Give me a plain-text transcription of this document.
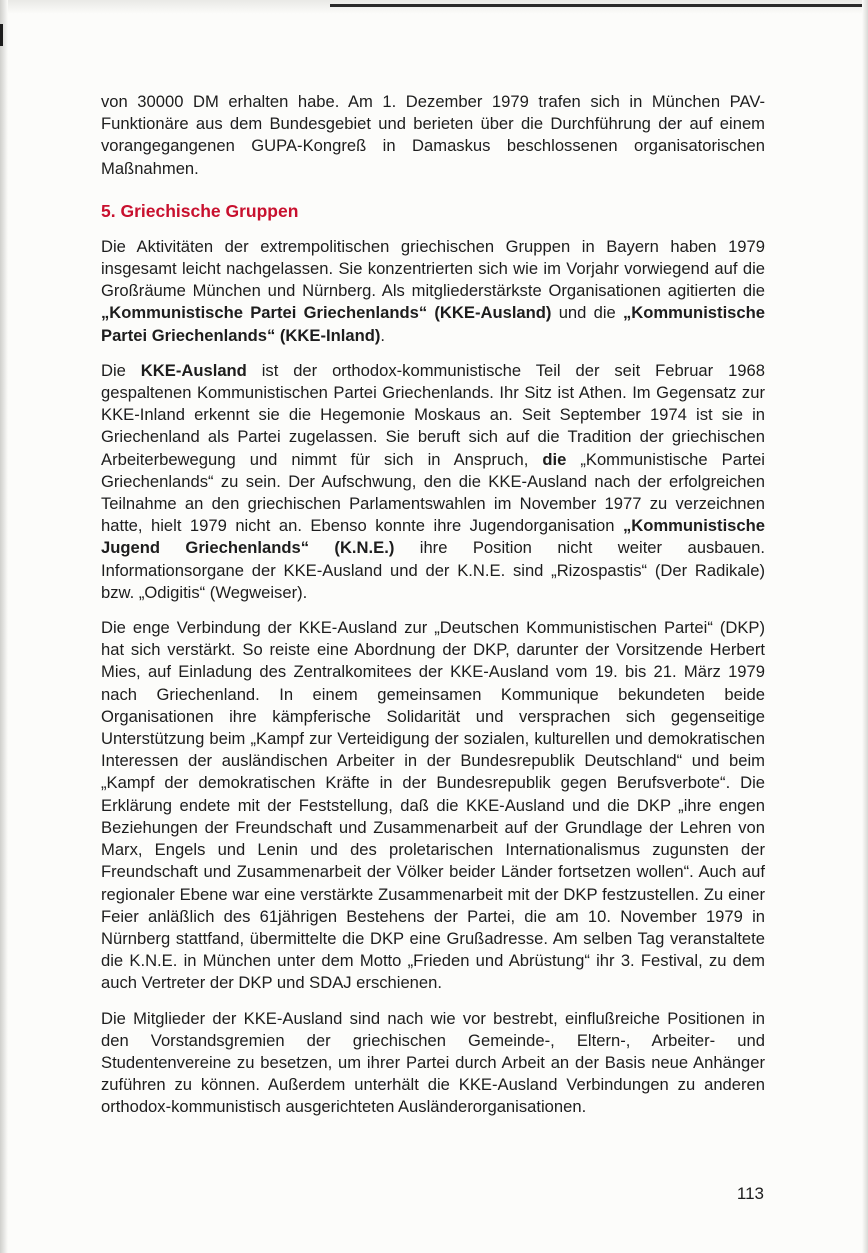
von 30000 DM erhalten habe. Am 1. Dezember 1979 trafen sich in München PAV-Funktionäre aus dem Bundesgebiet und berieten über die Durchführung der auf einem vorangegangenen GUPA-Kongreß in Damaskus beschlossenen organisatorischen Maßnahmen.

5. Griechische Gruppen

Die Aktivitäten der extrempolitischen griechischen Gruppen in Bayern haben 1979 insgesamt leicht nachgelassen. Sie konzentrierten sich wie im Vorjahr vorwiegend auf die Großräume München und Nürnberg. Als mitgliederstärkste Organisationen agitierten die „Kommunistische Partei Griechenlands“ (KKE-Ausland) und die „Kommunistische Partei Griechenlands“ (KKE-Inland).

Die KKE-Ausland ist der orthodox-kommunistische Teil der seit Februar 1968 gespaltenen Kommunistischen Partei Griechenlands. Ihr Sitz ist Athen. Im Gegensatz zur KKE-Inland erkennt sie die Hegemonie Moskaus an. Seit September 1974 ist sie in Griechenland als Partei zugelassen. Sie beruft sich auf die Tradition der griechischen Arbeiterbewegung und nimmt für sich in Anspruch, die „Kommunistische Partei Griechenlands“ zu sein. Der Aufschwung, den die KKE-Ausland nach der erfolgreichen Teilnahme an den griechischen Parlamentswahlen im November 1977 zu verzeichnen hatte, hielt 1979 nicht an. Ebenso konnte ihre Jugendorganisation „Kommunistische Jugend Griechenlands“ (K.N.E.) ihre Position nicht weiter ausbauen. Informationsorgane der KKE-Ausland und der K.N.E. sind „Rizospastis“ (Der Radikale) bzw. „Odigitis“ (Wegweiser).

Die enge Verbindung der KKE-Ausland zur „Deutschen Kommunistischen Partei“ (DKP) hat sich verstärkt. So reiste eine Abordnung der DKP, darunter der Vorsitzende Herbert Mies, auf Einladung des Zentralkomitees der KKE-Ausland vom 19. bis 21. März 1979 nach Griechenland. In einem gemeinsamen Kommunique bekundeten beide Organisationen ihre kämpferische Solidarität und versprachen sich gegenseitige Unterstützung beim „Kampf zur Verteidigung der sozialen, kulturellen und demokratischen Interessen der ausländischen Arbeiter in der Bundesrepublik Deutschland“ und beim „Kampf der demokratischen Kräfte in der Bundesrepublik gegen Berufsverbote“. Die Erklärung endete mit der Feststellung, daß die KKE-Ausland und die DKP „ihre engen Beziehungen der Freundschaft und Zusammenarbeit auf der Grundlage der Lehren von Marx, Engels und Lenin und des proletarischen Internationalismus zugunsten der Freundschaft und Zusammenarbeit der Völker beider Länder fortsetzen wollen“. Auch auf regionaler Ebene war eine verstärkte Zusammenarbeit mit der DKP festzustellen. Zu einer Feier anläßlich des 61jährigen Bestehens der Partei, die am 10. November 1979 in Nürnberg stattfand, übermittelte die DKP eine Grußadresse. Am selben Tag veranstaltete die K.N.E. in München unter dem Motto „Frieden und Abrüstung“ ihr 3. Festival, zu dem auch Vertreter der DKP und SDAJ erschienen.

Die Mitglieder der KKE-Ausland sind nach wie vor bestrebt, einflußreiche Positionen in den Vorstandsgremien der griechischen Gemeinde-, Eltern-, Arbeiter- und Studentenvereine zu besetzen, um ihrer Partei durch Arbeit an der Basis neue Anhänger zuführen zu können. Außerdem unterhält die KKE-Ausland Verbindungen zu anderen orthodox-kommunistisch ausgerichteten Ausländerorganisationen.

113
